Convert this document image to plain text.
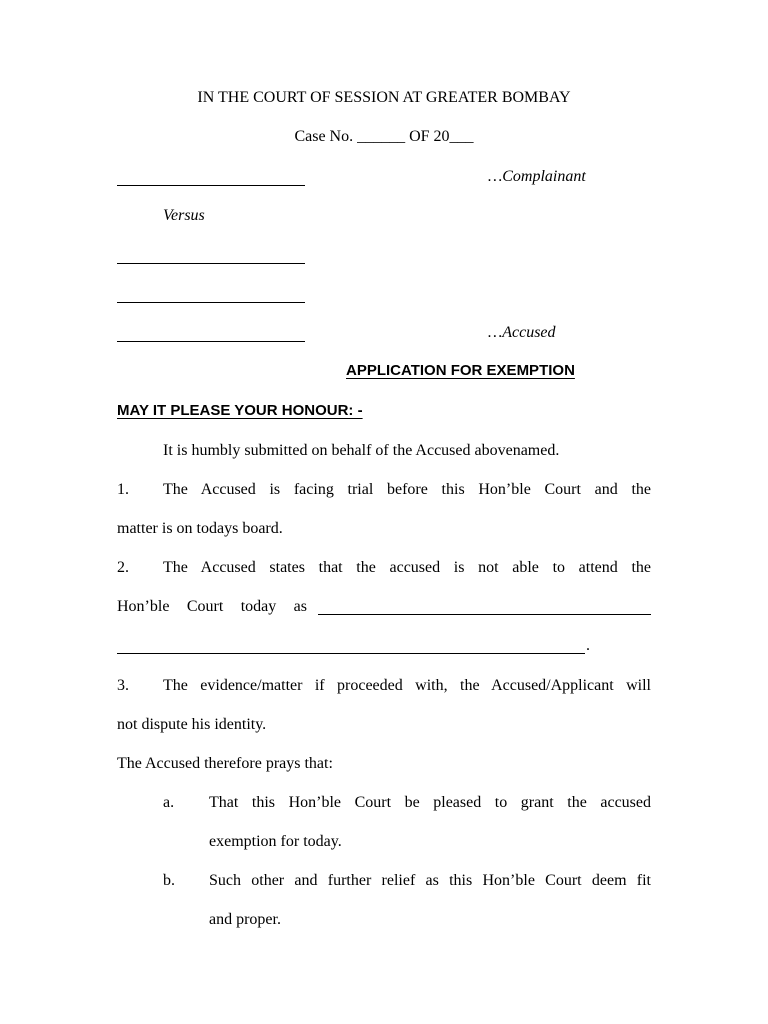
IN THE COURT OF SESSION AT GREATER BOMBAY
Case No. ______ OF 20___
…Complainant
Versus
…Accused
APPLICATION FOR EXEMPTION
MAY IT PLEASE YOUR HONOUR: -
It is humbly submitted on behalf of the Accused abovenamed.
1. The Accused is facing trial before this Hon’ble Court and the
matter is on todays board.
2. The Accused states that the accused is not able to attend the
Hon’ble Court today as
.
3. The evidence/matter if proceeded with, the Accused/Applicant will
not dispute his identity.
The Accused therefore prays that:
a. That this Hon’ble Court be pleased to grant the accused
exemption for today.
b. Such other and further relief as this Hon’ble Court deem fit
and proper.
